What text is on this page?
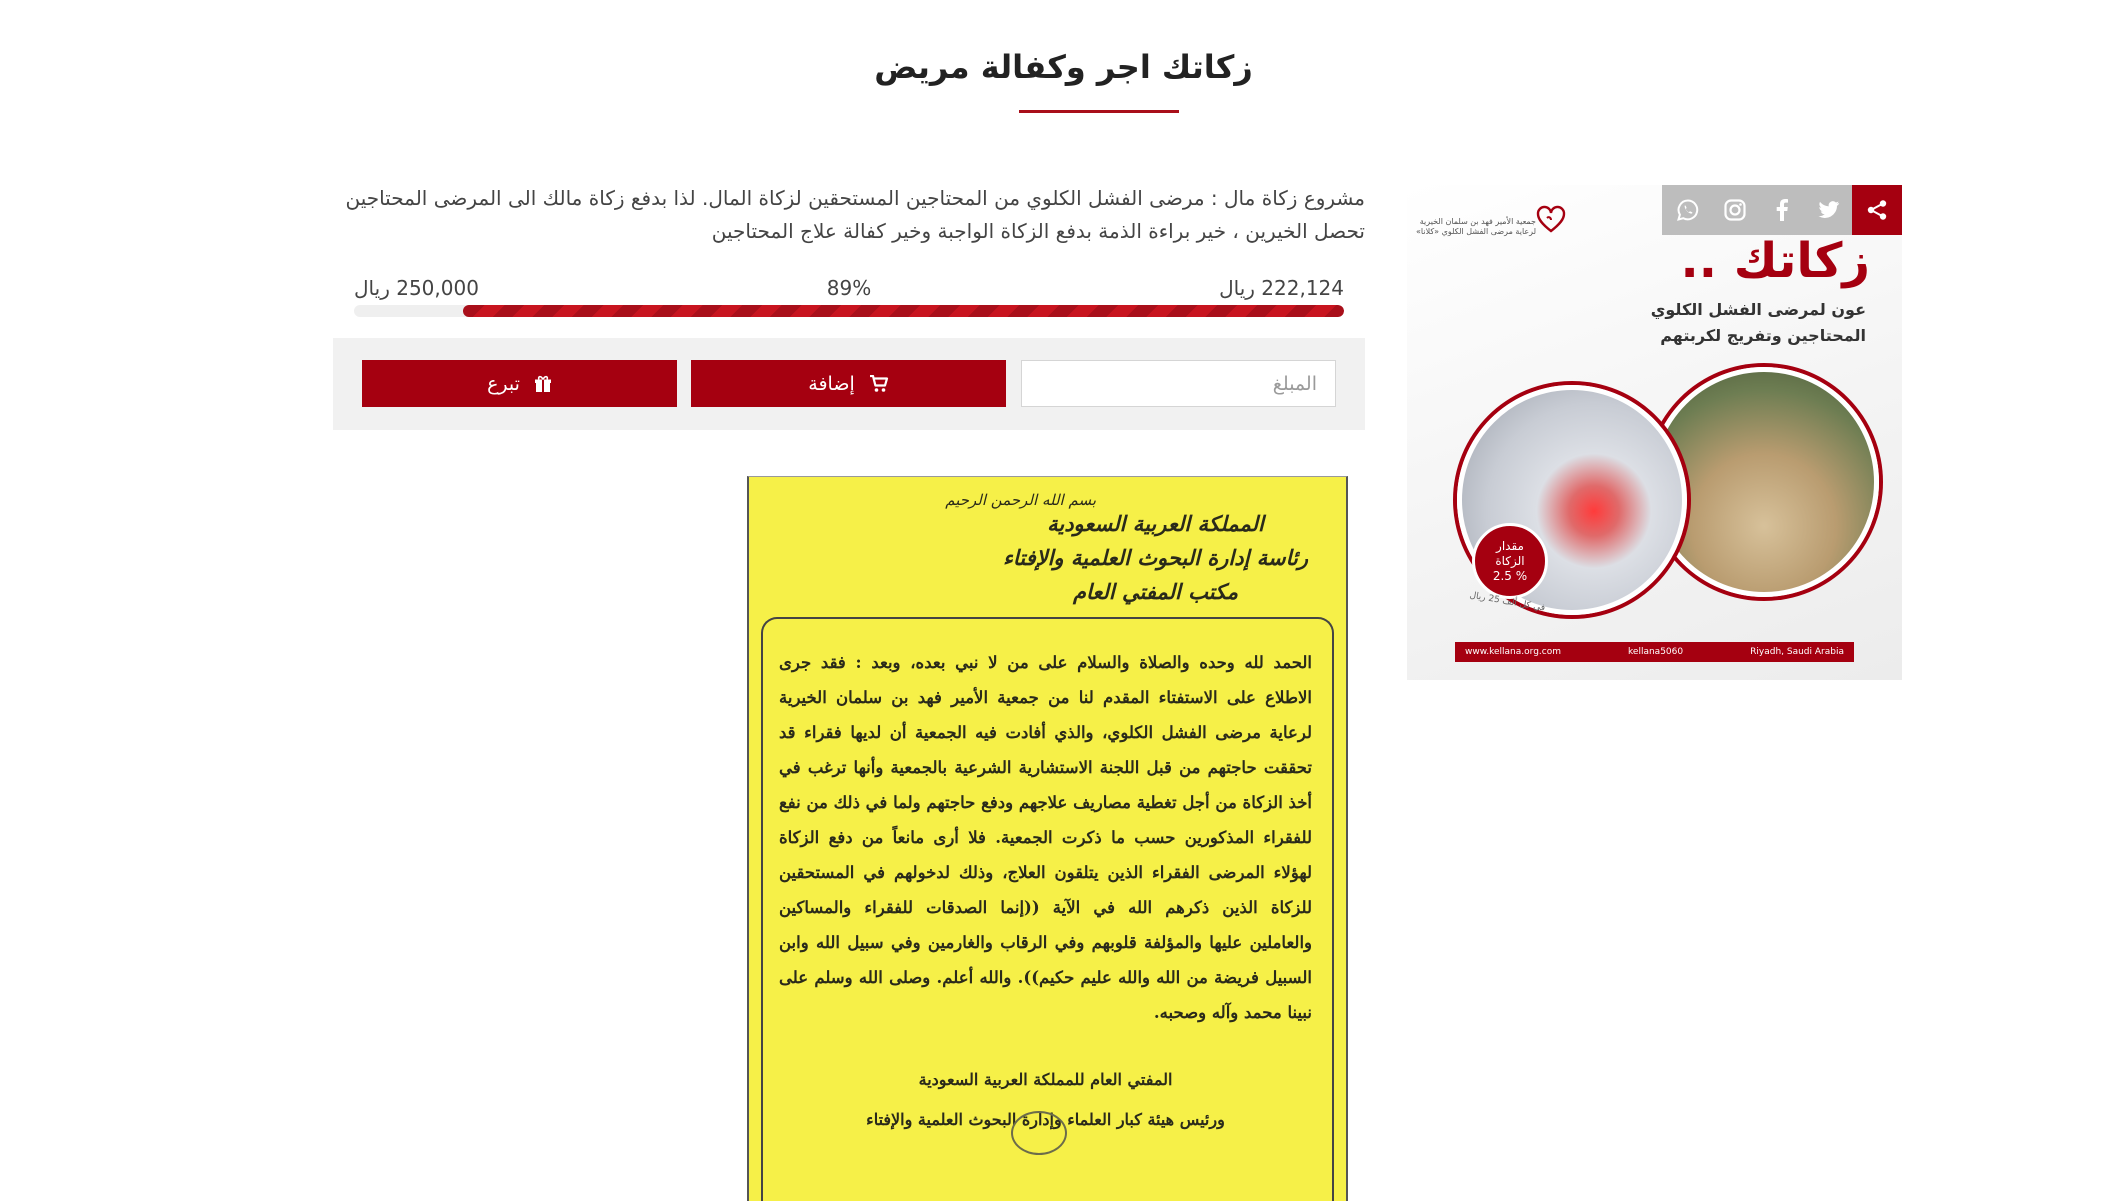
زكاتك اجر وكفالة مريض

مشروع زكاة مال : مرضى الفشل الكلوي من المحتاجين المستحقين لزكاة المال. لذا بدفع زكاة مالك الى المرضى المحتاجين تحصل الخيرين ، خير براءة الذمة بدفع الزكاة الواجبة وخير كفالة علاج المحتاجين

222,124 ريال
89%
250,000 ريال
المبلغ
إضافة
تبرع
بسم الله الرحمن الرحيم
المملكة العربية السعودية
رئاسة إدارة البحوث العلمية والإفتاء
مكتب المفتي العام
الحمد لله وحده والصلاة والسلام على من لا نبي بعده، وبعد : فقد جرى الاطلاع على الاستفتاء المقدم لنا من جمعية الأمير فهد بن سلمان الخيرية لرعاية مرضى الفشل الكلوي، والذي أفادت فيه الجمعية أن لديها فقراء قد تحققت حاجتهم من قبل اللجنة الاستشارية الشرعية بالجمعية وأنها ترغب في أخذ الزكاة من أجل تغطية مصاريف علاجهم ودفع حاجتهم ولما في ذلك من نفع للفقراء المذكورين حسب ما ذكرت الجمعية. فلا أرى مانعاً من دفع الزكاة لهؤلاء المرضى الفقراء الذين يتلقون العلاج، وذلك لدخولهم في المستحقين للزكاة الذين ذكرهم الله في الآية ((إنما الصدقات للفقراء والمساكين والعاملين عليها والمؤلفة قلوبهم وفي الرقاب والغارمين وفي سبيل الله وابن السبيل فريضة من الله والله عليم حكيم)). والله أعلم. وصلى الله وسلم على نبينا محمد وآله وصحبه.
المفتي العام للمملكة العربية السعودية
ورئيس هيئة كبار العلماء وإدارة البحوث العلمية والإفتاء
جمعية الأمير فهد بن سلمان الخيرية
لرعاية مرضى الفشل الكلوي «كلانا»
زكاتك ..
عون لمرضى الفشل الكلوي المحتاجين وتفريج لكربتهم
مقدار
الزكاة
2.5 %
في كل ألف 25 ريال
www.kellana.org.com	kellana5060	Riyadh, Saudi Arabia
